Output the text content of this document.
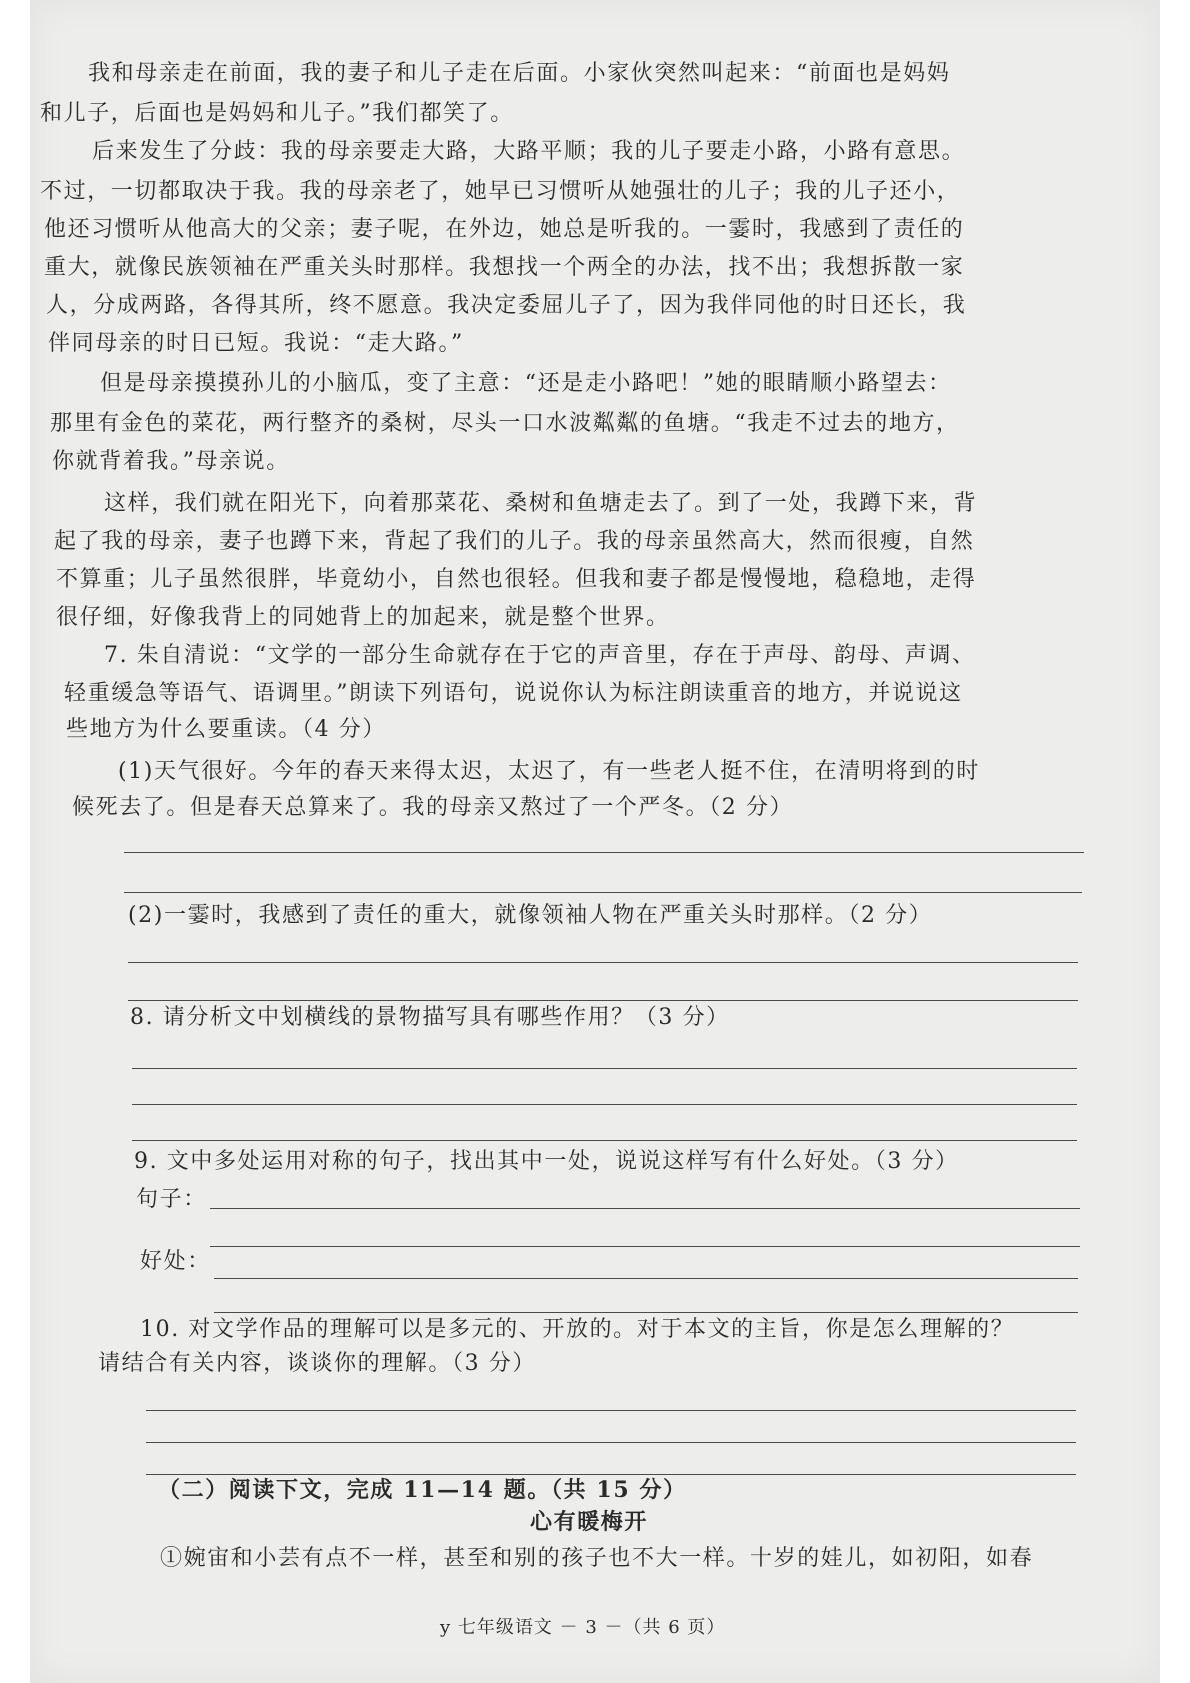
我和母亲走在前面，我的妻子和儿子走在后面。小家伙突然叫起来：“前面也是妈妈
和儿子，后面也是妈妈和儿子。”我们都笑了。
后来发生了分歧：我的母亲要走大路，大路平顺；我的儿子要走小路，小路有意思。
不过，一切都取决于我。我的母亲老了，她早已习惯听从她强壮的儿子；我的儿子还小，
他还习惯听从他高大的父亲；妻子呢，在外边，她总是听我的。一霎时，我感到了责任的
重大，就像民族领袖在严重关头时那样。我想找一个两全的办法，找不出；我想拆散一家
人，分成两路，各得其所，终不愿意。我决定委屈儿子了，因为我伴同他的时日还长，我
伴同母亲的时日已短。我说：“走大路。”
但是母亲摸摸孙儿的小脑瓜，变了主意：“还是走小路吧！”她的眼睛顺小路望去：
那里有金色的菜花，两行整齐的桑树，尽头一口水波粼粼的鱼塘。“我走不过去的地方，
你就背着我。”母亲说。
这样，我们就在阳光下，向着那菜花、桑树和鱼塘走去了。到了一处，我蹲下来，背
起了我的母亲，妻子也蹲下来，背起了我们的儿子。我的母亲虽然高大，然而很瘦，自然
不算重；儿子虽然很胖，毕竟幼小，自然也很轻。但我和妻子都是慢慢地，稳稳地，走得
很仔细，好像我背上的同她背上的加起来，就是整个世界。
7. 朱自清说：“文学的一部分生命就存在于它的声音里，存在于声母、韵母、声调、
轻重缓急等语气、语调里。”朗读下列语句，说说你认为标注朗读重音的地方，并说说这
些地方为什么要重读。（4 分）
(1)天气很好。今年的春天来得太迟，太迟了，有一些老人挺不住，在清明将到的时
候死去了。但是春天总算来了。我的母亲又熬过了一个严冬。（2 分）
(2)一霎时，我感到了责任的重大，就像领袖人物在严重关头时那样。（2 分）
8. 请分析文中划横线的景物描写具有哪些作用？（3 分）
9. 文中多处运用对称的句子，找出其中一处，说说这样写有什么好处。（3 分）
句子：
好处：
10. 对文学作品的理解可以是多元的、开放的。对于本文的主旨，你是怎么理解的？
请结合有关内容，谈谈你的理解。（3 分）
（二）阅读下文，完成 11—14 题。（共 15 分）
心有暖梅开
①婉宙和小芸有点不一样，甚至和别的孩子也不大一样。十岁的娃儿，如初阳，如春
y 七年级语文 － 3 －（共 6 页）
